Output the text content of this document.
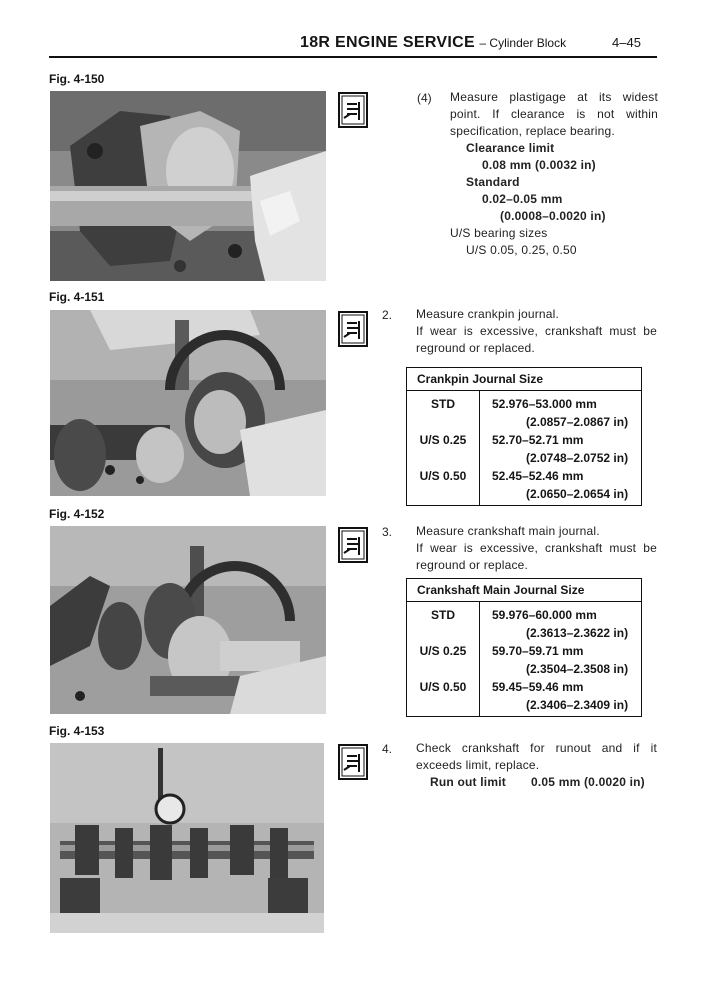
18R ENGINE SERVICE – Cylinder Block	4–45
Fig. 4-150
Fig. 4-151
Fig. 4-152
Fig. 4-153
(4) Measure plastigage at its widest
point. If clearance is not within
specification, replace bearing.
Clearance limit
0.08 mm (0.0032 in)
Standard
0.02–0.05 mm
(0.0008–0.0020 in)
U/S bearing sizes
U/S 0.05, 0.25, 0.50
2. Measure crankpin journal.
If wear is excessive, crankshaft must be
reground or replaced.
Crankpin Journal Size	

STD	52.976–53.000 mm
(2.0857–2.0867 in)

U/S 0.25	52.70–52.71 mm
(2.0748–2.0752 in)

U/S 0.50	52.45–52.46 mm
(2.0650–2.0654 in)
3. Measure crankshaft main journal.
If wear is excessive, crankshaft must be
reground or replace.
Crankshaft Main Journal Size	

STD	59.976–60.000 mm
(2.3613–2.3622 in)

U/S 0.25	59.70–59.71 mm
(2.3504–2.3508 in)

U/S 0.50	59.45–59.46 mm
(2.3406–2.3409 in)
4. Check crankshaft for runout and if it
exceeds limit, replace.
Run out limit 0.05 mm (0.0020 in)
